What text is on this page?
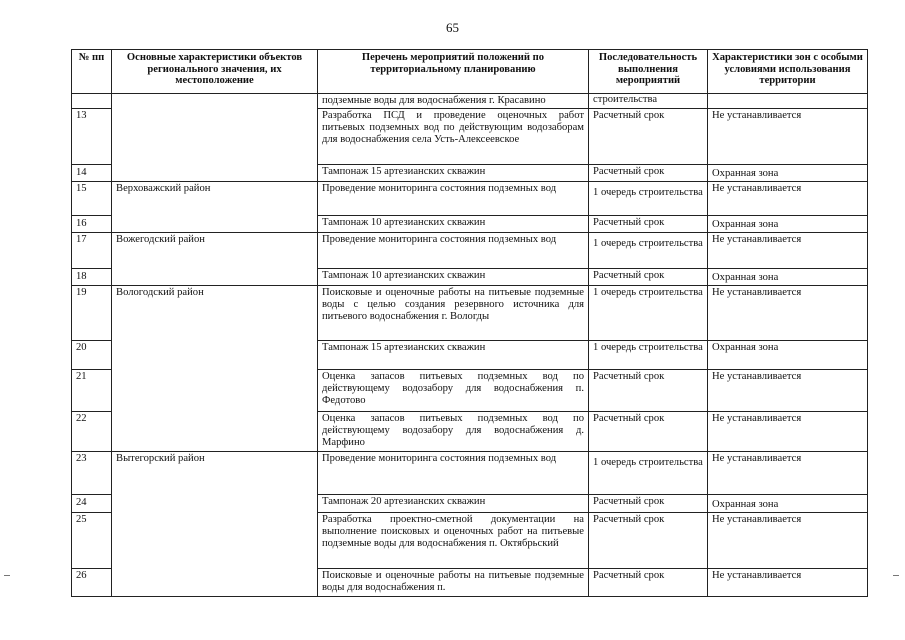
65
№ пп	Основные характеристики объектов регионального значения, их местоположение	Перечень мероприятий положений по территориальному планированию	Последовательность выполнения мероприятий	Характеристики зон с особыми условиями использования территории
		подземные воды для водоснабжения г. Красавино	строительства	
13		Разработка ПСД и проведение оценочных работ питьевых подземных вод по действующим водозаборам для водоснабжения села Усть-Алексеевское	Расчетный срок	Не устанавливается
14		Тампонаж 15 артезианских скважин	Расчетный срок	Охранная зона
15	Верховажский район	Проведение мониторинга состояния подземных вод	1 очередь строительства	Не устанавливается
16		Тампонаж 10 артезианских скважин	Расчетный срок	Охранная зона
17	Вожегодский район	Проведение мониторинга состояния подземных вод	1 очередь строительства	Не устанавливается
18		Тампонаж 10 артезианских скважин	Расчетный срок	Охранная зона
19	Вологодский район	Поисковые и оценочные работы на питьевые подземные воды с целью создания резервного источника для питьевого водоснабжения г. Вологды	1 очередь строительства	Не устанавливается
20		Тампонаж 15 артезианских скважин	1 очередь строительства	Охранная зона
21		Оценка запасов питьевых подземных вод по действующему водозабору для водоснабжения п. Федотово	Расчетный срок	Не устанавливается
22		Оценка запасов питьевых подземных вод по действующему водозабору для водоснабжения д. Марфино	Расчетный срок	Не устанавливается
23	Вытегорский район	Проведение мониторинга состояния подземных вод	1 очередь строительства	Не устанавливается
24		Тампонаж 20 артезианских скважин	Расчетный срок	Охранная зона
25		Разработка проектно-сметной документации на выполнение поисковых и оценочных работ на питьевые подземные воды для водоснабжения п. Октябрьский	Расчетный срок	Не устанавливается
26		Поисковые и оценочные работы на питьевые подземные воды для водоснабжения п.	Расчетный срок	Не устанавливается
